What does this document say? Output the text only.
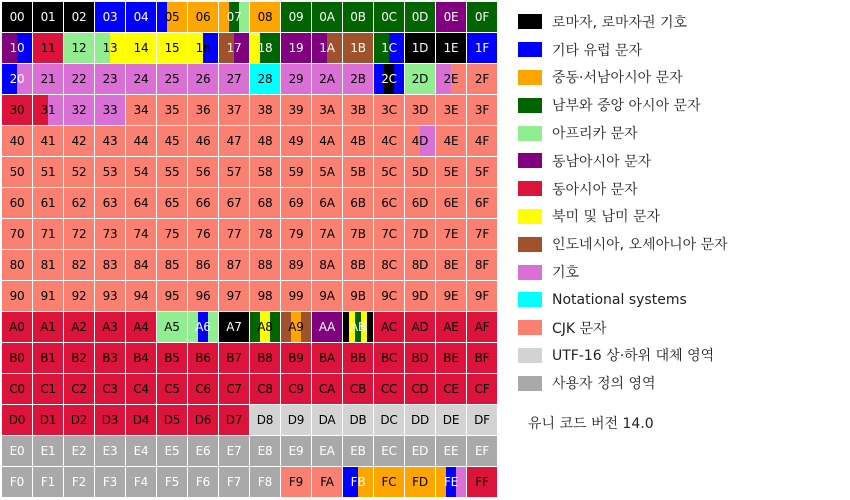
00	01	02	03	04	05	06	07	08	09	0A	0B	0C	0D	0E	0F
10	11	12	13	14	15	16	17	18	19	1A	1B	1C	1D	1E	1F
20	21	22	23	24	25	26	27	28	29	2A	2B	2C	2D	2E	2F
30	31	32	33	34	35	36	37	38	39	3A	3B	3C	3D	3E	3F
40	41	42	43	44	45	46	47	48	49	4A	4B	4C	4D	4E	4F
50	51	52	53	54	55	56	57	58	59	5A	5B	5C	5D	5E	5F
60	61	62	63	64	65	66	67	68	69	6A	6B	6C	6D	6E	6F
70	71	72	73	74	75	76	77	78	79	7A	7B	7C	7D	7E	7F
80	81	82	83	84	85	86	87	88	89	8A	8B	8C	8D	8E	8F
90	91	92	93	94	95	96	97	98	99	9A	9B	9C	9D	9E	9F
A0	A1	A2	A3	A4	A5	A6	A7	A8	A9	AA	AB	AC	AD	AE	AF
B0	B1	B2	B3	B4	B5	B6	B7	B8	B9	BA	BB	BC	BD	BE	BF
C0	C1	C2	C3	C4	C5	C6	C7	C8	C9	CA	CB	CC	CD	CE	CF
D0	D1	D2	D3	D4	D5	D6	D7	D8	D9	DA	DB	DC	DD	DE	DF
E0	E1	E2	E3	E4	E5	E6	E7	E8	E9	EA	EB	EC	ED	EE	EF
F0	F1	F2	F3	F4	F5	F6	F7	F8	F9	FA	FB	FC	FD	FE	FF
로마자, 로마자권 기호
기타 유럽 문자
중동·서남아시아 문자
남부와 중앙 아시아 문자
아프리카 문자
동남아시아 문자
동아시아 문자
북미 및 남미 문자
인도네시아, 오세아니아 문자
기호
Notational systems
CJK 문자
UTF-16 상·하위 대체 영역
사용자 정의 영역
유니 코드 버전 14.0
